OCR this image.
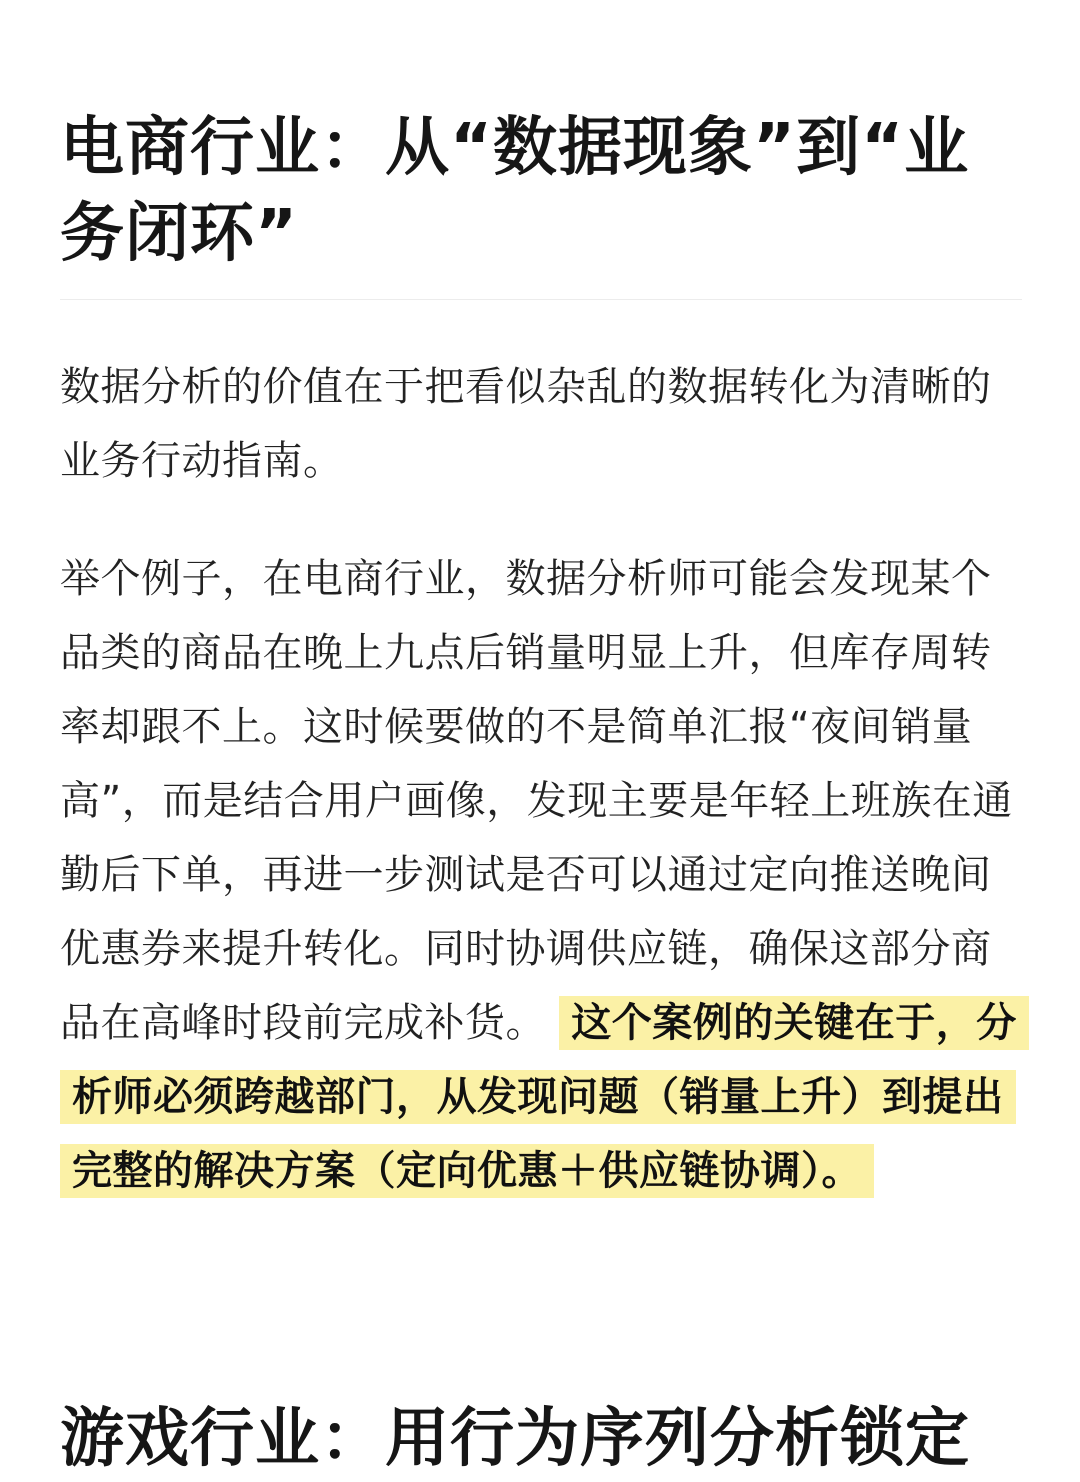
电商行业：从“数据现象”到“业务闭环”

数据分析的价值在于把看似杂乱的数据转化为清晰的业务行动指南。

举个例子，在电商行业，数据分析师可能会发现某个品类的商品在晚上九点后销量明显上升，但库存周转率却跟不上。这时候要做的不是简单汇报“夜间销量高”，而是结合用户画像，发现主要是年轻上班族在通勤后下单，再进一步测试是否可以通过定向推送晚间优惠券来提升转化。同时协调供应链，确保这部分商品在高峰时段前完成补货。 这个案例的关键在于，分析师必须跨越部门，从发现问题（销量上升）到提出完整的解决方案（定向优惠＋供应链协调）。

游戏行业：用行为序列分析锁定
